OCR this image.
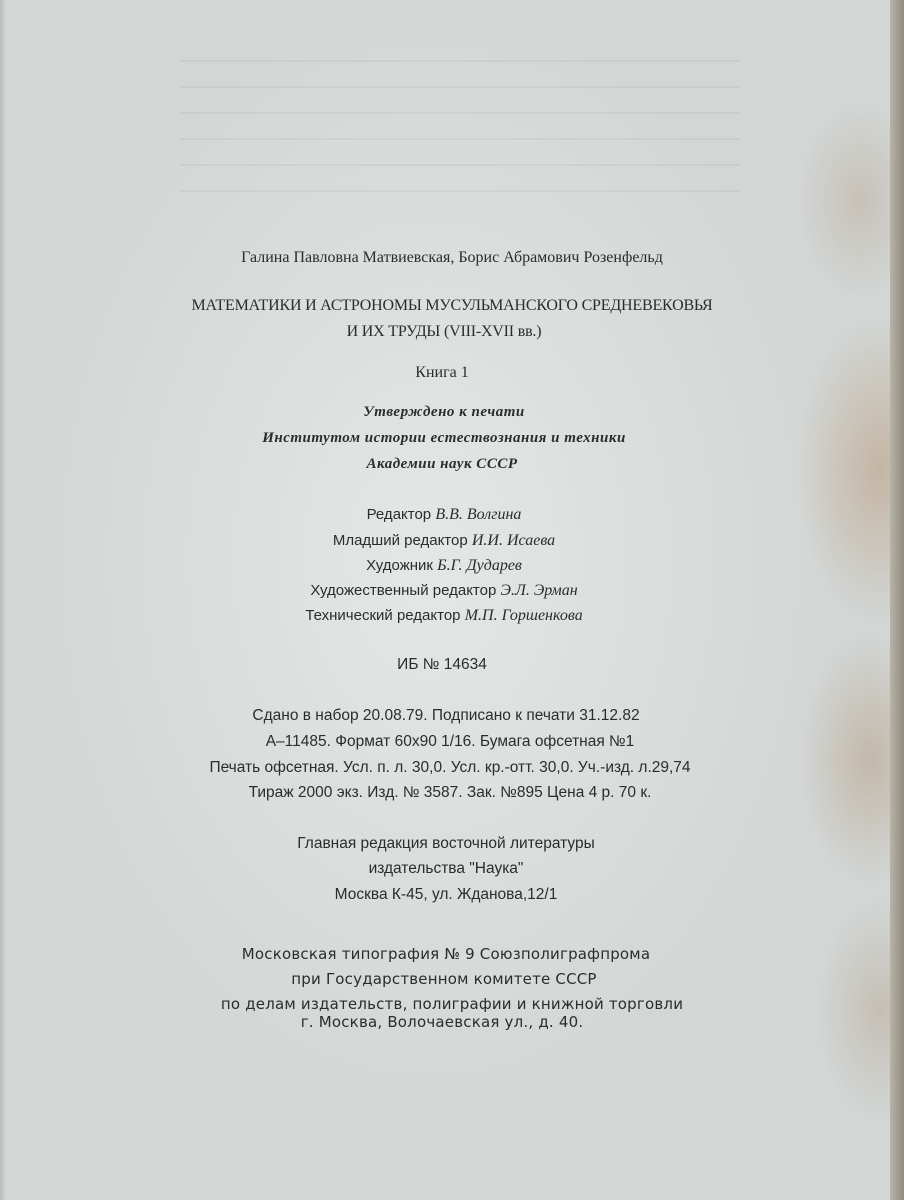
Галина Павловна Матвиевская, Борис Абрамович Розенфельд

МАТЕМАТИКИ И АСТРОНОМЫ МУСУЛЬМАНСКОГО СРЕДНЕВЕКОВЬЯ

И ИХ ТРУДЫ (VIII-XVII вв.)

Книга 1

Утверждено к печати

Институтом истории естествознания и техники

Академии наук СССР

Редактор В.В. Волгина

Младший редактор И.И. Исаева

Художник Б.Г. Дударев

Художественный редактор Э.Л. Эрман

Технический редактор М.П. Горшенкова

ИБ № 14634

Сдано в набор 20.08.79. Подписано к печати 31.12.82

А–11485. Формат 60x90 1/16. Бумага офсетная №1

Печать офсетная. Усл. п. л. 30,0. Усл. кр.-отт. 30,0. Уч.-изд. л.29,74

Тираж 2000 экз. Изд. № 3587. Зак. №895 Цена 4 р. 70 к.

Главная редакция восточной литературы

издательства "Наука"

Москва К-45, ул. Жданова,12/1

Московская типография № 9 Союзполиграфпрома

при Государственном комитете СССР

по делам издательств, полиграфии и книжной торговли

г. Москва, Волочаевская ул., д. 40.
